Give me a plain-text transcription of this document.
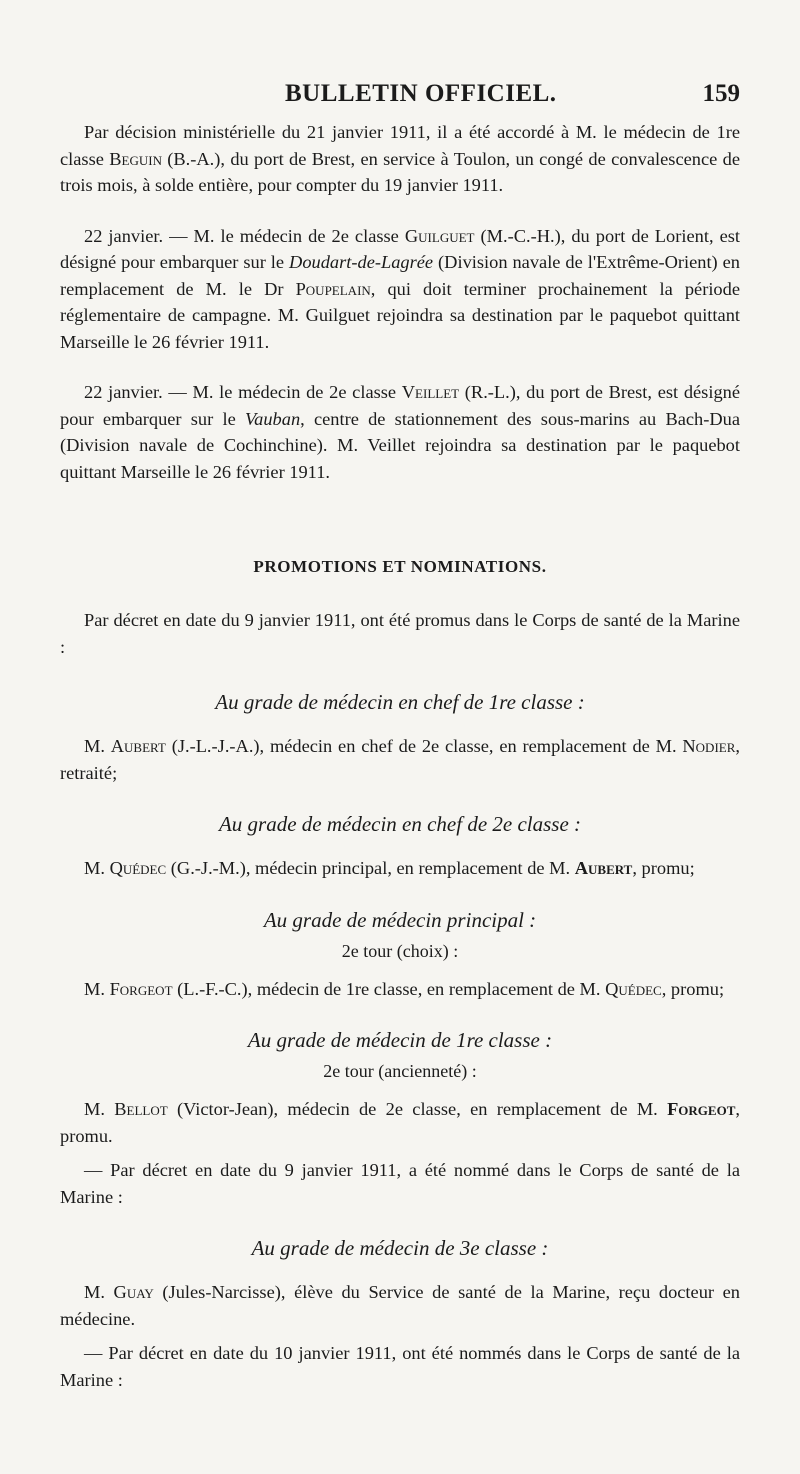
BULLETIN OFFICIEL.	159

Par décision ministérielle du 21 janvier 1911, il a été accordé à M. le médecin de 1re classe Beguin (B.-A.), du port de Brest, en service à Toulon, un congé de convalescence de trois mois, à solde entière, pour compter du 19 janvier 1911.

22 janvier. — M. le médecin de 2e classe Guilguet (M.-C.-H.), du port de Lorient, est désigné pour embarquer sur le Doudart-de-Lagrée (Division navale de l'Extrême-Orient) en remplacement de M. le Dr Poupelain, qui doit terminer prochainement la période réglementaire de campagne. M. Guilguet rejoindra sa destination par le paquebot quittant Marseille le 26 février 1911.

22 janvier. — M. le médecin de 2e classe Veillet (R.-L.), du port de Brest, est désigné pour embarquer sur le Vauban, centre de stationnement des sous-marins au Bach-Dua (Division navale de Cochinchine). M. Veillet rejoindra sa destination par le paquebot quittant Marseille le 26 février 1911.

PROMOTIONS ET NOMINATIONS.

Par décret en date du 9 janvier 1911, ont été promus dans le Corps de santé de la Marine :

Au grade de médecin en chef de 1re classe :

M. Aubert (J.-L.-J.-A.), médecin en chef de 2e classe, en remplacement de M. Nodier, retraité;

Au grade de médecin en chef de 2e classe :

M. Quédec (G.-J.-M.), médecin principal, en remplacement de M. Aubert, promu;

Au grade de médecin principal :
2e tour (choix) :

M. Forgeot (L.-F.-C.), médecin de 1re classe, en remplacement de M. Quédec, promu;

Au grade de médecin de 1re classe :
2e tour (ancienneté) :

M. Bellot (Victor-Jean), médecin de 2e classe, en remplacement de M. Forgeot, promu.

— Par décret en date du 9 janvier 1911, a été nommé dans le Corps de santé de la Marine :

Au grade de médecin de 3e classe :

M. Guay (Jules-Narcisse), élève du Service de santé de la Marine, reçu docteur en médecine.

— Par décret en date du 10 janvier 1911, ont été nommés dans le Corps de santé de la Marine :
